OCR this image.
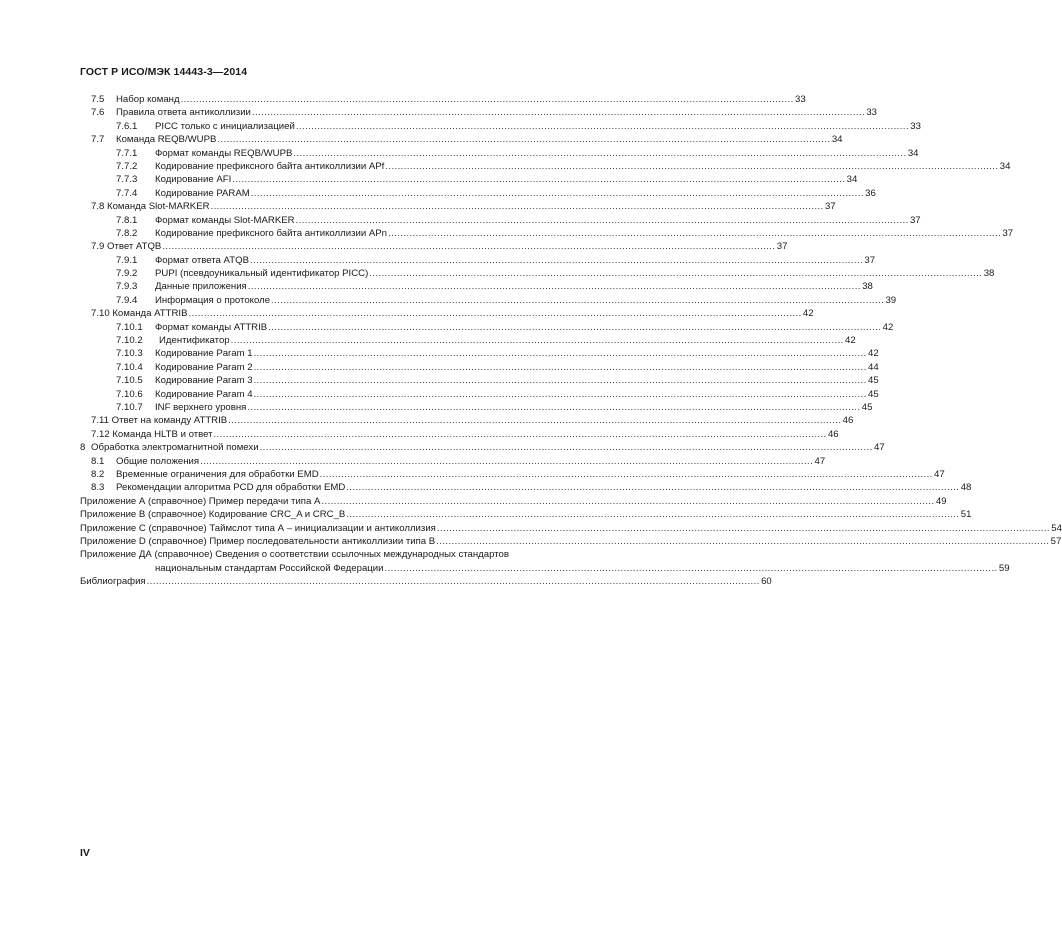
ГОСТ Р ИСО/МЭК 14443-3—2014
7.5 Набор команд ........................................................................................................................................................................................................ 33
7.6 Правила ответа антиколлизии ........................................................................................................................................................................................................ 33
7.6.1 PICC только с инициализацией ........................................................................................................................................................................................................ 33
7.7 Команда REQB/WUPB ........................................................................................................................................................................................................ 34
7.7.1 Формат команды REQB/WUPB ........................................................................................................................................................................................................ 34
7.7.2 Кодирование префиксного байта антиколлизии APf ........................................................................................................................................................................................................ 34
7.7.3 Кодирование AFI ........................................................................................................................................................................................................ 34
7.7.4 Кодирование PARAM ........................................................................................................................................................................................................ 36
7.8 Команда Slot-MARKER ........................................................................................................................................................................................................ 37
7.8.1 Формат команды Slot-MARKER ........................................................................................................................................................................................................ 37
7.8.2 Кодирование префиксного байта антиколлизии APn ........................................................................................................................................................................................................ 37
7.9 Ответ ATQB ........................................................................................................................................................................................................ 37
7.9.1 Формат ответа ATQB ........................................................................................................................................................................................................ 37
7.9.2 PUPI (псевдоуникальный идентификатор PICC) ........................................................................................................................................................................................................ 38
7.9.3 Данные приложения ........................................................................................................................................................................................................ 38
7.9.4 Информация о протоколе ........................................................................................................................................................................................................ 39
7.10 Команда ATTRIB ........................................................................................................................................................................................................ 42
7.10.1 Формат команды ATTRIB ........................................................................................................................................................................................................ 42
7.10.2 Идентификатор ........................................................................................................................................................................................................ 42
7.10.3 Кодирование Param 1 ........................................................................................................................................................................................................ 42
7.10.4 Кодирование Param 2 ........................................................................................................................................................................................................ 44
7.10.5 Кодирование Param 3 ........................................................................................................................................................................................................ 45
7.10.6 Кодирование Param 4 ........................................................................................................................................................................................................ 45
7.10.7 INF верхнего уровня ........................................................................................................................................................................................................ 45
7.11 Ответ на команду ATTRIB ........................................................................................................................................................................................................ 46
7.12 Команда HLTB и ответ ........................................................................................................................................................................................................ 46
8 Обработка электромагнитной помехи ........................................................................................................................................................................................................ 47
8.1 Общие положения ........................................................................................................................................................................................................ 47
8.2 Временные ограничения для обработки EMD ........................................................................................................................................................................................................ 47
8.3 Рекомендации алгоритма PCD для обработки EMD ........................................................................................................................................................................................................ 48
Приложение А (справочное) Пример передачи типа А ........................................................................................................................................................................................................ 49
Приложение В (справочное) Кодирование CRC_A и CRC_B ........................................................................................................................................................................................................ 51
Приложение С (справочное) Таймслот типа А – инициализации и антиколлизия ........................................................................................................................................................................................................ 54
Приложение D (справочное) Пример последовательности антиколлизии типа B ........................................................................................................................................................................................................ 57
Приложение ДА (справочное) Сведения о соответствии ссылочных международных стандартов
национальным стандартам Российской Федерации ........................................................................................................................................................................................................ 59
Библиография ........................................................................................................................................................................................................ 60
IV
